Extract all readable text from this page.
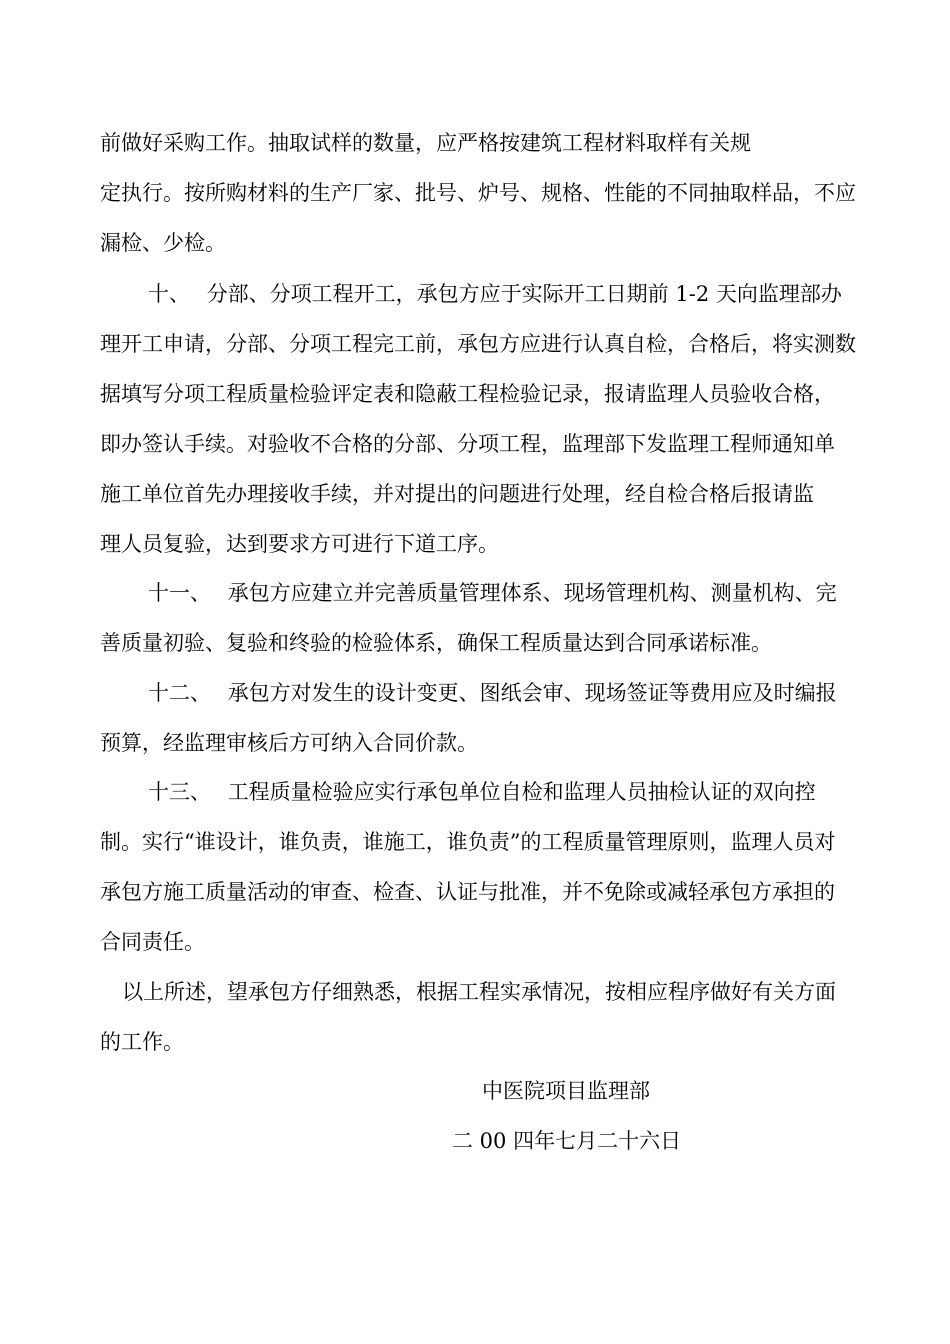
前做好采购工作。抽取试样的数量，应严格按建筑工程材料取样有关规
定执行。按所购材料的生产厂家、批号、炉号、规格、性能的不同抽取样品，不应
漏检、少检。
十、 分部、分项工程开工，承包方应于实际开工日期前 1-2 天向监理部办
理开工申请，分部、分项工程完工前，承包方应进行认真自检，合格后，将实测数
据填写分项工程质量检验评定表和隐蔽工程检验记录，报请监理人员验收合格，
即办签认手续。对验收不合格的分部、分项工程，监理部下发监理工程师通知单
施工单位首先办理接收手续，并对提出的问题进行处理，经自检合格后报请监
理人员复验，达到要求方可进行下道工序。
十一、 承包方应建立并完善质量管理体系、现场管理机构、测量机构、完
善质量初验、复验和终验的检验体系，确保工程质量达到合同承诺标准。
十二、 承包方对发生的设计变更、图纸会审、现场签证等费用应及时编报
预算，经监理审核后方可纳入合同价款。
十三、 工程质量检验应实行承包单位自检和监理人员抽检认证的双向控
制。实行“谁设计，谁负责，谁施工，谁负责”的工程质量管理原则，监理人员对
承包方施工质量活动的审查、检查、认证与批准，并不免除或减轻承包方承担的
合同责任。
以上所述，望承包方仔细熟悉，根据工程实承情况，按相应程序做好有关方面
的工作。
中医院项目监理部
二 00 四年七月二十六日
